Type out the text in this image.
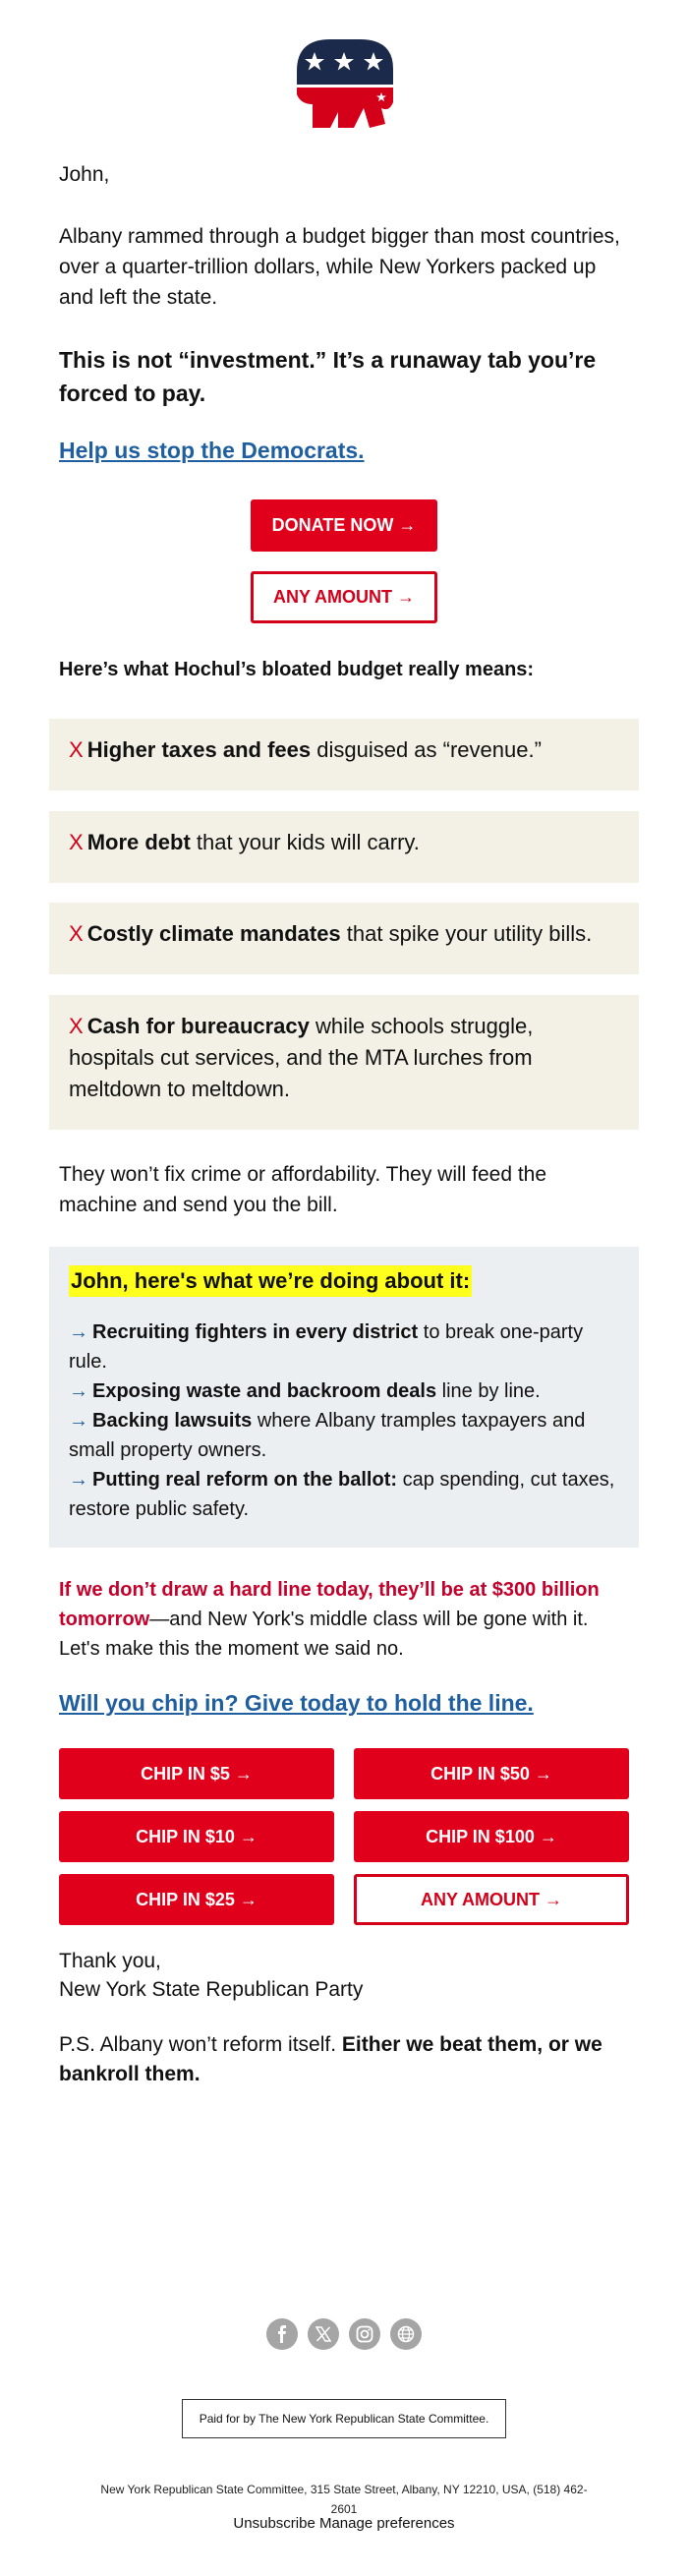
John,

Albany rammed through a budget bigger than most countries, over a quarter-trillion dollars, while New Yorkers packed up and left the state.

This is not “investment.” It’s a runaway tab you’re forced to pay.

Help us stop the Democrats.
DONATE NOW →
ANY AMOUNT →
Here’s what Hochul’s bloated budget really means:
X Higher taxes and fees disguised as “revenue.”
X More debt that your kids will carry.
X Costly climate mandates that spike your utility bills.
X Cash for bureaucracy while schools struggle, hospitals cut services, and the MTA lurches from meltdown to meltdown.

They won’t fix crime or affordability. They will feed the machine and send you the bill.

John, here's what we’re doing about it:
→ Recruiting fighters in every district to break one-party rule.
→ Exposing waste and backroom deals line by line.
→ Backing lawsuits where Albany tramples taxpayers and small property owners.
→ Putting real reform on the ballot: cap spending, cut taxes, restore public safety.
If we don’t draw a hard line today, they’ll be at $300 billion tomorrow—and New York's middle class will be gone with it. Let's make this the moment we said no.
Will you chip in? Give today to hold the line.
CHIP IN $5 →	CHIP IN $50 →
CHIP IN $10 →	CHIP IN $100 →
CHIP IN $25 →	ANY AMOUNT →
Thank you,
New York State Republican Party
P.S. Albany won’t reform itself. Either we beat them, or we bankroll them.
Paid for by The New York Republican State Committee.
New York Republican State Committee, 315 State Street, Albany, NY 12210, USA, (518) 462-2601
Unsubscribe Manage preferences
